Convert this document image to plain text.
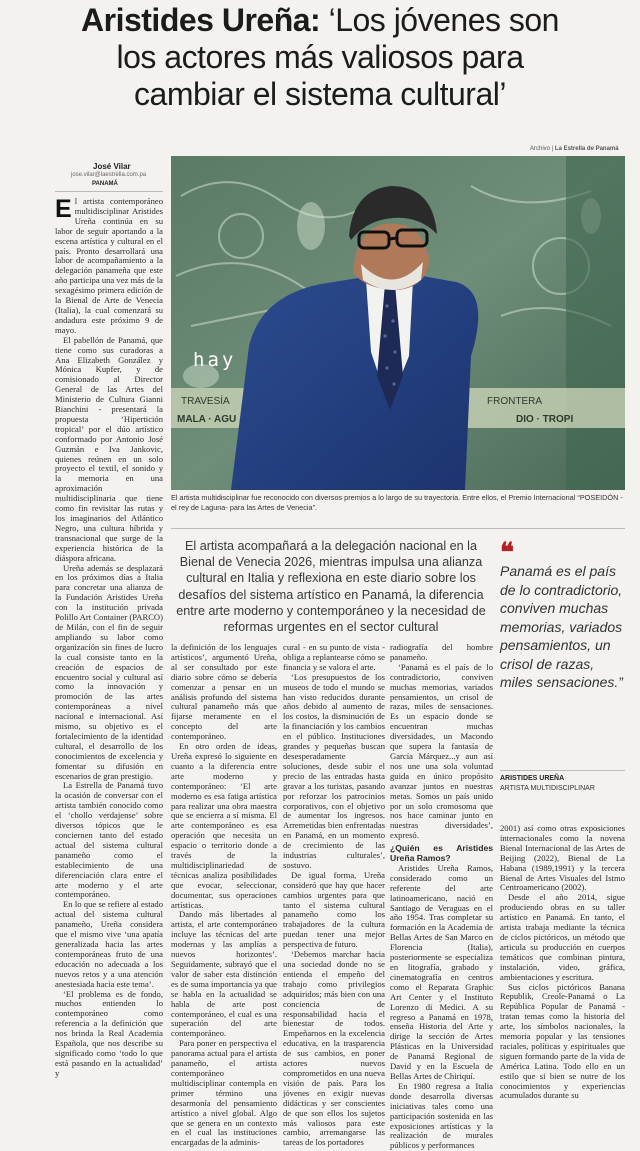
Aristides Ureña: ‘Los jóvenes son
los actores más valiosos para
cambiar el sistema cultural’
Archivo | La Estrella de Panamá
José Vilar
jose.vilar@laestrella.com.pa
PANAMÁ

El artista contemporáneo multidisciplinar Aristides Ureña continúa en su labor de seguir aportando a la escena artística y cultural en el país. Pronto desarrollará una labor de acompañamiento a la delegación panameña que este año participa una vez más de la sexagésimo primera edición de la Bienal de Arte de Venecia (Italia), la cual comenzará su andadura este próximo 9 de mayo.

El pabellón de Panamá, que tiene como sus curadoras a Ana Elizabeth González y Mónica Kupfer, y de comisionado al Director General de las Artes del Ministerio de Cultura Gianni Bianchini - presentará la propuesta ‘Hipertición tropical’ por el dúo artístico conformado por Antonio José Guzmán e Iva Jankovic, quienes reúnen en un solo proyecto el textil, el sonido y la memoria en una aproximación multidisciplinaria que tiene como fin revisitar las rutas y los imaginarios del Atlántico Negro, una cultura híbrida y transnacional que surge de la experiencia histórica de la diáspora africana.

Ureña además se desplazará en los próximos días a Italia para concretar una alianza de la Fundación Aristides Ureña con la institución privada Polillo Art Container (PARCO) de Milán, con el fin de seguir ampliando su labor como organización sin fines de lucro la cual consiste tanto en la creación de espacios de encuentro social y cultural así como la innovación y promoción de las artes contemporáneas a nivel nacional e internacional. Así mismo, su objetivo es el fortalecimiento de la identidad cultural, el desarrollo de los conocimientos de excelencia y fomentar su difusión en escenarios de gran prestigio.

La Estrella de Panamá tuvo la ocasión de conversar con el artista también conocido como el ‘chollo verdajense’ sobre diversos tópicos que le conciernen tanto del estado actual del sistema cultural panameño como el establecimiento de una diferenciación clara entre el arte moderno y el arte contemporáneo.

En lo que se refiere al estado actual del sistema cultural panameño, Ureña considera que el mismo vive ‘una apatía generalizada hacia las artes contemporáneas fruto de una educación no adecuada a los nuevos retos y a una atención anestesiada hacia este tema’.

‘El problema es de fondo, muchos entienden lo contemporáneo como referencia a la definición que nos brinda la Real Academia Española, que nos describe su significado como ‘todo lo que está pasando en la actualidad’ y

TRAVESÍA	FRONTERA
MALA · AGU	DIO · TROPI
hay
El artista multidisciplinar fue reconocido con diversos premios a lo largo de su trayectoria. Entre ellos, el Premio Internacional “POSEIDÓN - el rey de Laguna- para las Artes de Venecia”.
El artista acompañará a la delegación nacional en la Bienal de Venecia 2026, mientras impulsa una alianza cultural en Italia y reflexiona en este diario sobre los desafíos del sistema artístico en Panamá, la diferencia entre arte moderno y contemporáneo y la necesidad de reformas urgentes en el sector cultural
❝
Panamá es el país de lo contradictorio, conviven muchas memorias, variados pensamientos, un crisol de razas, miles sensaciones.”
ARISTIDES UREÑA
ARTISTA MULTIDISCIPLINAR

la definición de los lenguajes artísticos’, argumentó Ureña, al ser consultado por este diario sobre cómo se debería comenzar a pensar en un análisis profundo del sistema cultural panameño más que fijarse meramente en el concepto del arte contemporáneo.

En otro orden de ideas, Ureña expresó lo siguiente en cuanto a la diferencia entre arte moderno y contemporáneo: ‘El arte moderno es esa fatiga artística para realizar una obra maestra que se encierra a sí misma. El arte contemporáneo es esa operación que necesita un espacio o territorio donde a través de la multidisciplinariedad de técnicas analiza posibilidades que evocar, seleccionar, documentar, sus operaciones artísticas.

Dando más libertades al artista, el arte contemporáneo incluye las técnicas del arte modernas y las amplías a nuevos horizontes’. Seguidamente, subrayó que el valor de saber esta distinción es de suma importancia ya que se habla en la actualidad se habla de arte post contemporáneo, el cual es una superación del arte contemporáneo.

Para poner en perspectiva el panorama actual para el artista panameño, el artista contemporáneo multidisciplinar contempla en primer término una desarmonía del pensamiento artístico a nivel global. Algo que se genera en un contexto en el cual las instituciones encargadas de la adminis-

cural - en su punto de vista - obliga a replantearse cómo se financia y se valora el arte.

‘Los presupuestos de los museos de todo el mundo se han visto reducidos durante años debido al aumento de los costos, la disminución de la financiación y los cambios en el público. Instituciones grandes y pequeñas buscan desesperadamente soluciones, desde subir el precio de las entradas hasta gravar a los turistas, pasando por reforzar los patrocinios corporativos, con el objetivo de aumentar los ingresos. Arremetidas bien enfrentadas en Panamá, en un momento de crecimiento de las industrias culturales’, sostuvo.

De igual forma, Ureña consideró que hay que hacer cambios urgentes para que tanto el sistema cultural panameño como los trabajadores de la cultura puedan tener una mejor perspectiva de futuro.

‘Debemos marchar hacia una sociedad donde no se entienda el empeño del trabajo como privilegios adquiridos; más bien con una conciencia de responsabilidad hacia el bienestar de todos. Empeñarnos en la excelencia educativa, en la trasparencia de sus cambios, en poner actores nuevos comprometidos en una nueva visión de país. Para los jóvenes en exigir nuevas didácticas y ser conscientes de que son ellos los sujetos más valiosos para este cambio, arremangarse las tareas de los portadores

radiografía del hombre panameño.

‘Panamá es el país de lo contradictorio, conviven muchas memorias, variados pensamientos, un crisol de razas, miles de sensaciones. Es un espacio donde se encuentran muchas diversidades, un Macondo que supera la fantasía de García Márquez...y aun así nos une una sola voluntad guida en único propósito avanzar juntos en nuestras metas. Somos un país unido por un solo cromosoma que nos hace caminar junto en nuestras diversidades’, expresó.

¿Quién es Aristides Ureña Ramos?

Aristides Ureña Ramos, considerado como un referente del arte latinoamericano, nació en Santiago de Veraguas en el año 1954. Tras completar su formación en la Academia de Bellas Artes de San Marco en Florencia (Italia), posteriormente se especializa en litografía, grabado y cinematografía en centros como el Reparata Graphic Art Center y el Instituto Lorenzo di Medici. A su regreso a Panamá en 1978, enseña Historia del Arte y dirige la sección de Artes Plásticas en la Universidad de Panamá Regional de David y en la Escuela de Bellas Artes de Chiriquí.

En 1980 regresa a Italia donde desarrolla diversas iniciativas tales como una participación sostenida en las exposiciones artísticas y la realización de murales públicos y performances

2001) así como otras exposiciones internacionales como la novena Bienal Internacional de las Artes de Beijing (2022), Bienal de La Habana (1989,1991) y la tercera Bienal de Artes Visuales del Istmo Centroamericano (2002).

Desde el año 2014, sigue produciendo obras en su taller artístico en Panamá. En tanto, el artista trabaja mediante la técnica de ciclos pictóricos, un método que articula su producción en cuerpos temáticos que combinan pintura, instalación, video, gráfica, ambientaciones y escritura.

Sus ciclos pictóricos Banana Republik, Creole-Panamá o La República Popular de Panamá - tratan temas como la historia del arte, los símbolos nacionales, la memoria popular y las tensiones raciales, políticas y espirituales que siguen formando parte de la vida de América Latina. Todo ello en un estilo que si bien se nutre de los conocimientos y experiencias acumulados durante su
